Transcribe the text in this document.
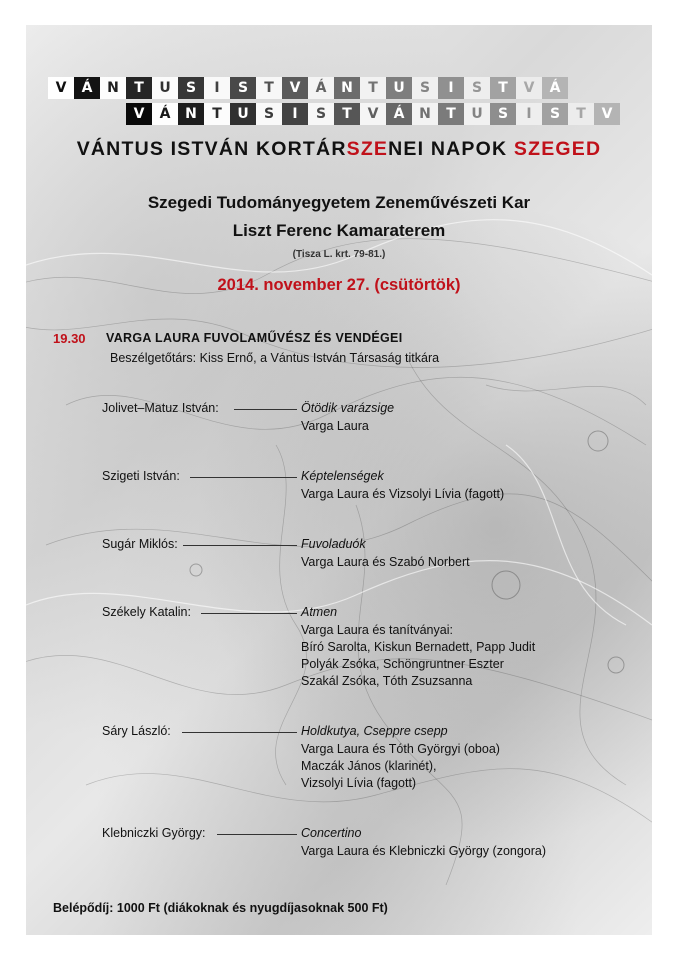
V	Á	N	T	U	S	I	S	T	V	Á	N	T	U	S	I	S	T	V	Á
V	Á	N	T	U	S	I	S	T	V	Á	N	T	U	S	I	S	T	V
VÁNTUS ISTVÁN KORTÁRSZENEI NAPOK SZEGED
Szegedi Tudományegyetem Zeneművészeti Kar
Liszt Ferenc Kamaraterem
(Tisza L. krt. 79-81.)
2014. november 27. (csütörtök)
19.30 VARGA LAURA FUVOLAMŰVÉSZ ÉS VENDÉGEI
Beszélgetőtárs: Kiss Ernő, a Vántus István Társaság titkára
Jolivet–Matuz István:	Ötödik varázsige
Varga Laura
Szigeti István:	Képtelenségek
Varga Laura és Vizsolyi Lívia (fagott)
Sugár Miklós:	Fuvoladuók
Varga Laura és Szabó Norbert
Székely Katalin:	Atmen
Varga Laura és tanítványai:
Bíró Sarolta, Kiskun Bernadett, Papp Judit
Polyák Zsóka, Schöngruntner Eszter
Szakál Zsóka, Tóth Zsuzsanna
Sáry László:	Holdkutya, Cseppre csepp
Varga Laura és Tóth Györgyi (oboa)
Maczák János (klarinét),
Vizsolyi Lívia (fagott)
Klebniczki György:	Concertino
Varga Laura és Klebniczki György (zongora)
Belépődíj: 1000 Ft (diákoknak és nyugdíjasoknak 500 Ft)
